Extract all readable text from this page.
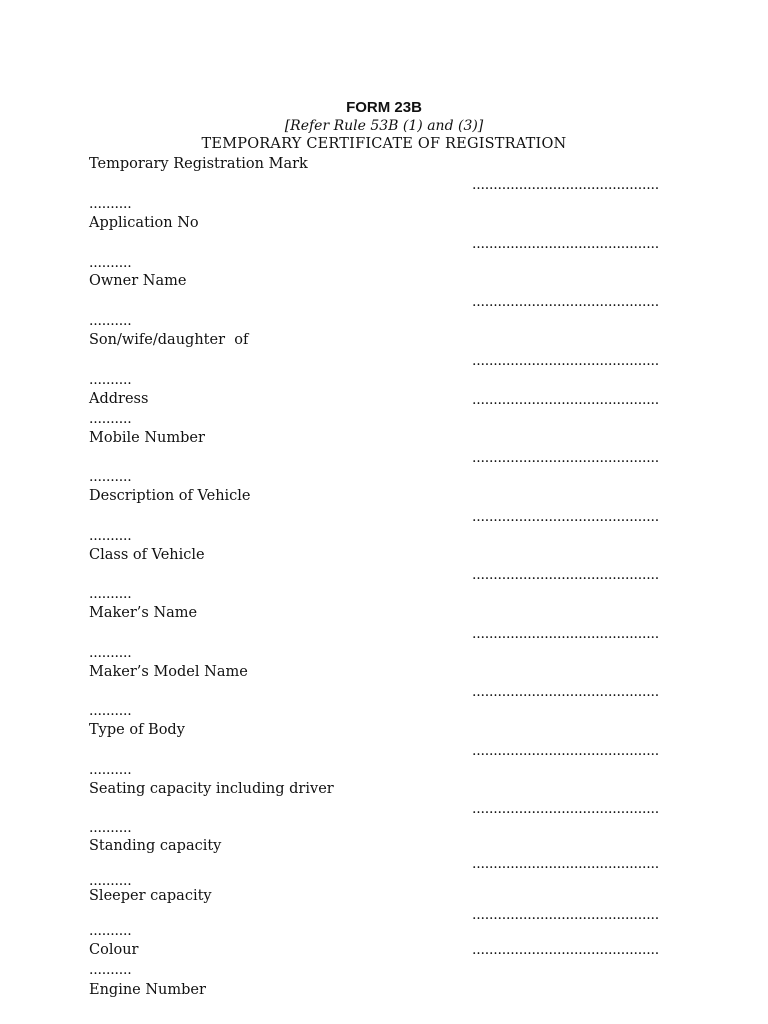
FORM 23B
[Refer Rule 53B (1) and (3)]
TEMPORARY CERTIFICATE OF REGISTRATION
Temporary Registration Mark
............................................
..........
Application No
............................................
..........
Owner Name
............................................
..........
Son/wife/daughter  of
............................................
..........
Address	............................................
..........
Mobile Number
............................................
..........
Description of Vehicle
............................................
..........
Class of Vehicle
............................................
..........
Maker’s Name
............................................
..........
Maker’s Model Name
............................................
..........
Type of Body
............................................
..........
Seating capacity including driver
............................................
..........
Standing capacity
............................................
..........
Sleeper capacity
............................................
..........
Colour	............................................
..........
Engine Number
